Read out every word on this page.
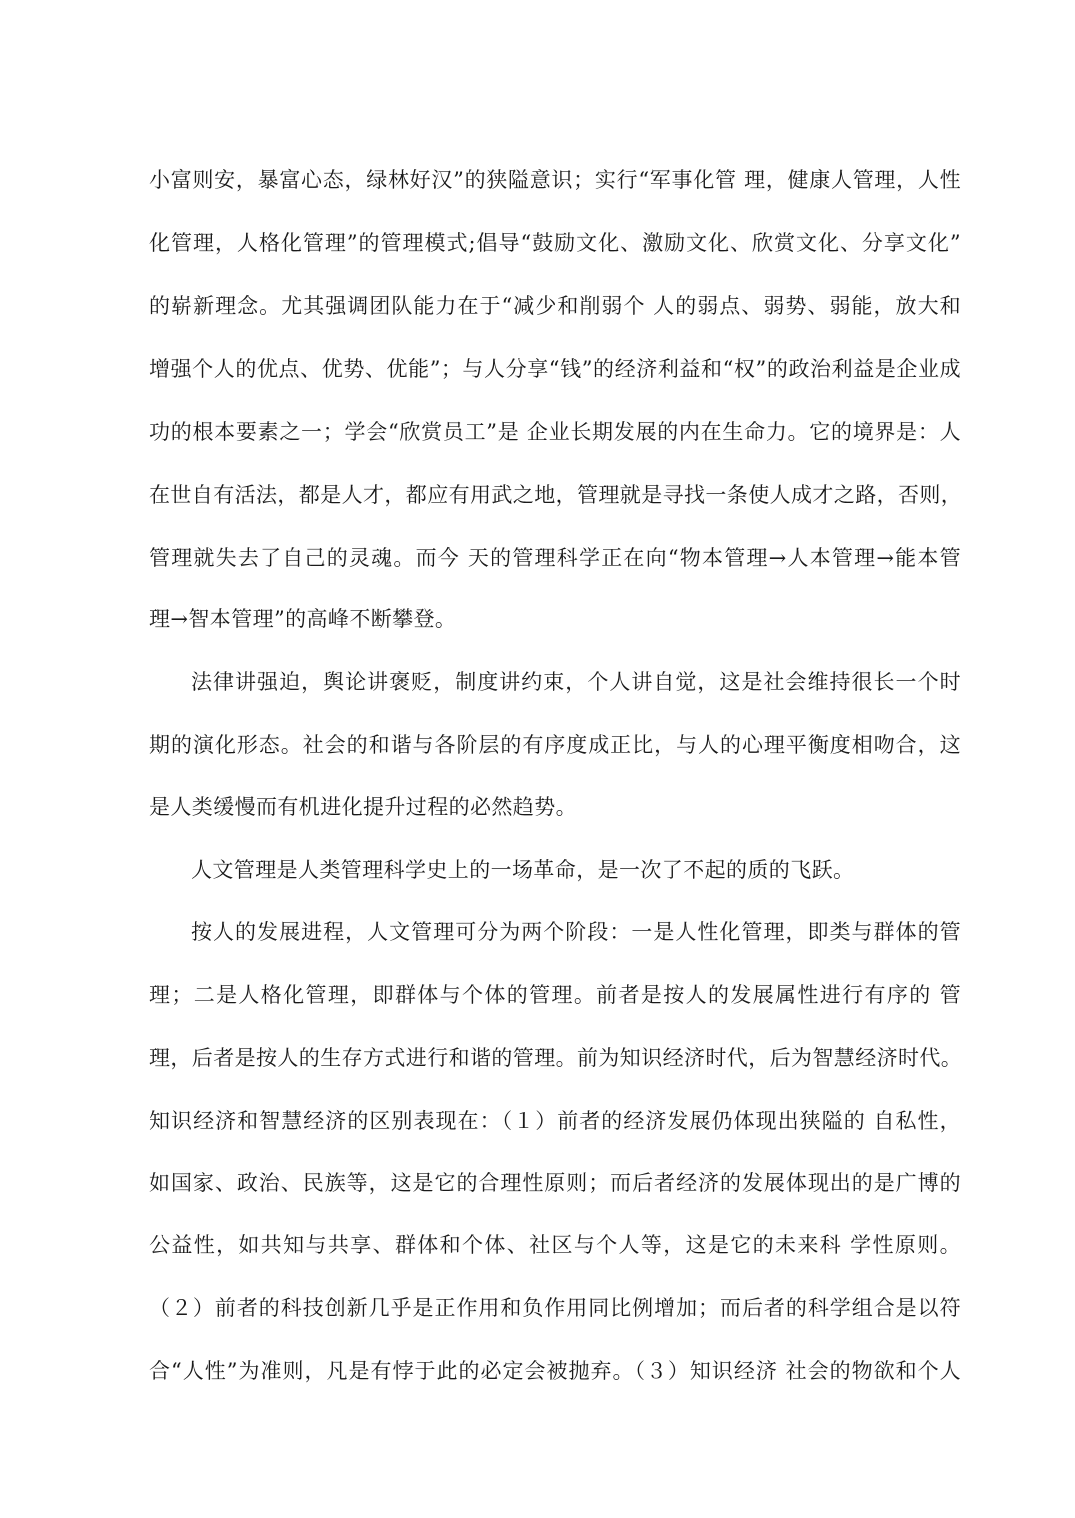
小富则安，暴富心态，绿林好汉”的狭隘意识；实行“军事化管 理，健康人管理，人性
化管理，人格化管理”的管理模式;倡导“鼓励文化、激励文化、欣赏文化、分享文化”
的崭新理念。尤其强调团队能力在于“减少和削弱个 人的弱点、弱势、弱能，放大和
增强个人的优点、优势、优能”；与人分享“钱”的经济利益和“权”的政治利益是企业成
功的根本要素之一；学会“欣赏员工”是 企业长期发展的内在生命力。它的境界是：人
在世自有活法，都是人才，都应有用武之地，管理就是寻找一条使人成才之路，否则，
管理就失去了自己的灵魂。而今 天的管理科学正在向“物本管理→人本管理→能本管
理→智本管理”的高峰不断攀登。
法律讲强迫，舆论讲褒贬，制度讲约束，个人讲自觉，这是社会维持很长一个时
期的演化形态。社会的和谐与各阶层的有序度成正比，与人的心理平衡度相吻合，这
是人类缓慢而有机进化提升过程的必然趋势。
人文管理是人类管理科学史上的一场革命，是一次了不起的质的飞跃。
按人的发展进程，人文管理可分为两个阶段：一是人性化管理，即类与群体的管
理；二是人格化管理，即群体与个体的管理。前者是按人的发展属性进行有序的 管
理，后者是按人的生存方式进行和谐的管理。前为知识经济时代，后为智慧经济时代。
知识经济和智慧经济的区别表现在：（１）前者的经济发展仍体现出狭隘的 自私性，
如国家、政治、民族等，这是它的合理性原则；而后者经济的发展体现出的是广博的
公益性，如共知与共享、群体和个体、社区与个人等，这是它的未来科 学性原则。
（２）前者的科技创新几乎是正作用和负作用同比例增加；而后者的科学组合是以符
合“人性”为准则，凡是有悖于此的必定会被抛弃。（３）知识经济 社会的物欲和个人
